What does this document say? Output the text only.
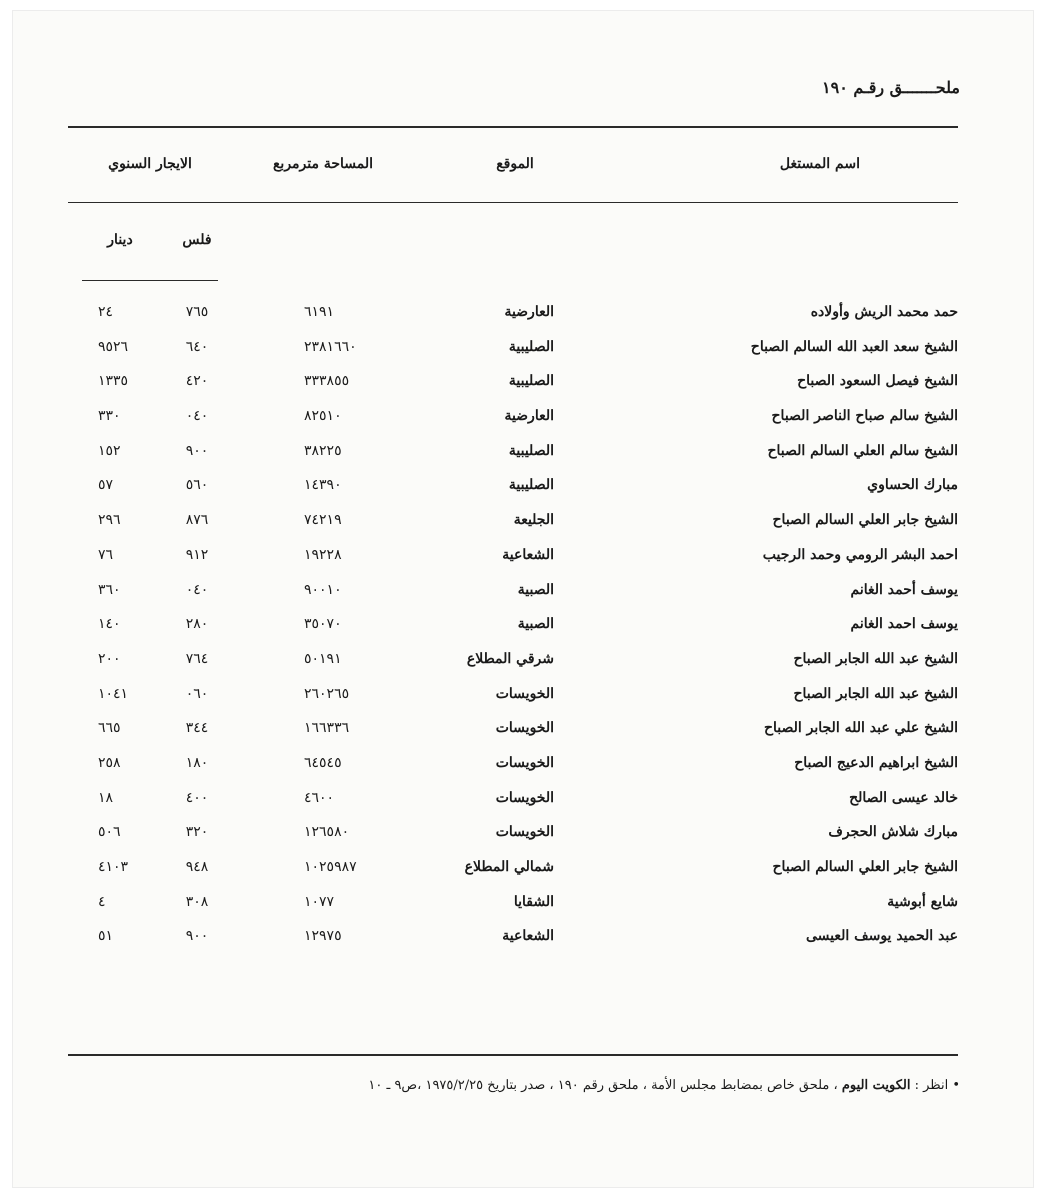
ملحـــــــق رقـم ١٩٠
اسم المستغل
الموقع
المساحة مترمربع
الايجار السنوي
فلس
دينار
حمد محمد الريش وأولاده
العارضية
٦١٩١
٧٦٥
٢٤
الشيخ سعد العبد الله السالم الصباح
الصليبية
٢٣٨١٦٦٠
٦٤٠
٩٥٢٦
الشيخ فيصل السعود الصباح
الصليبية
٣٣٣٨٥٥
٤٢٠
١٣٣٥
الشيخ سالم صباح الناصر الصباح
العارضية
٨٢٥١٠
٠٤٠
٣٣٠
الشيخ سالم العلي السالم الصباح
الصليبية
٣٨٢٢٥
٩٠٠
١٥٢
مبارك الحساوي
الصليبية
١٤٣٩٠
٥٦٠
٥٧
الشيخ جابر العلي السالم الصباح
الجليعة
٧٤٢١٩
٨٧٦
٢٩٦
احمد البشر الرومي وحمد الرجيب
الشعاعية
١٩٢٢٨
٩١٢
٧٦
يوسف أحمد الغانم
الصبية
٩٠٠١٠
٠٤٠
٣٦٠
يوسف احمد الغانم
الصبية
٣٥٠٧٠
٢٨٠
١٤٠
الشيخ عبد الله الجابر الصباح
شرقي المطلاع
٥٠١٩١
٧٦٤
٢٠٠
الشيخ عبد الله الجابر الصباح
الخويسات
٢٦٠٢٦٥
٠٦٠
١٠٤١
الشيخ علي عبد الله الجابر الصباح
الخويسات
١٦٦٣٣٦
٣٤٤
٦٦٥
الشيخ ابراهيم الدعيج الصباح
الخويسات
٦٤٥٤٥
١٨٠
٢٥٨
خالد عيسى الصالح
الخويسات
٤٦٠٠
٤٠٠
١٨
مبارك شلاش الحجرف
الخويسات
١٢٦٥٨٠
٣٢٠
٥٠٦
الشيخ جابر العلي السالم الصباح
شمالي المطلاع
١٠٢٥٩٨٧
٩٤٨
٤١٠٣
شايع أبوشية
الشقايا
١٠٧٧
٣٠٨
٤
عبد الحميد يوسف العيسى
الشعاعية
١٢٩٧٥
٩٠٠
٥١
• انظر : الكويت اليوم ، ملحق خاص بمضابط مجلس الأمة ، ملحق رقم ١٩٠ ، صدر بتاريخ ١٩٧٥/٢/٢٥ ،ص٩ ـ ١٠
